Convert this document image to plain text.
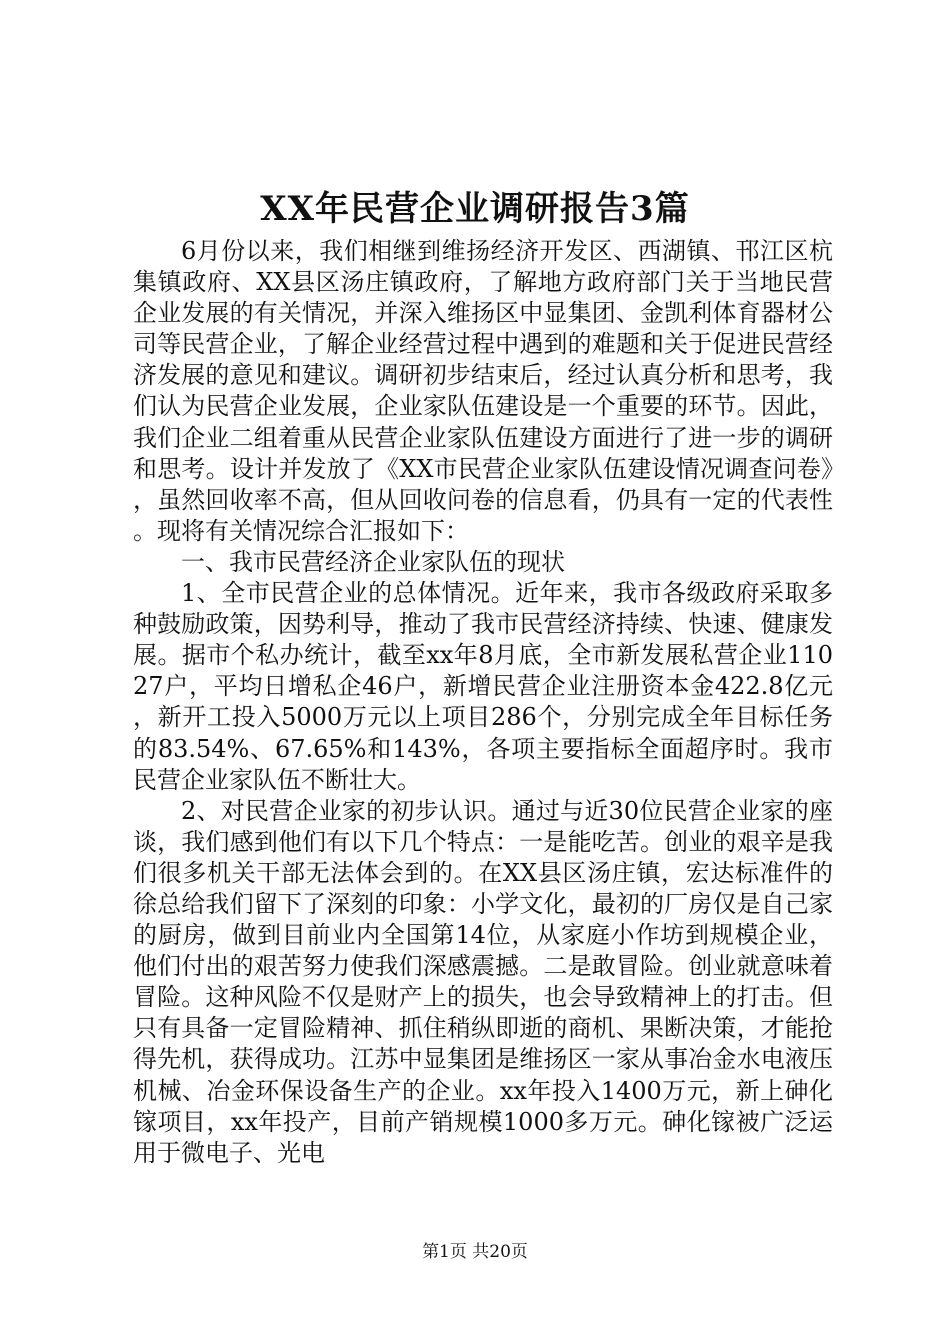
XX年民营企业调研报告3篇

6月份以来，我们相继到维扬经济开发区、西湖镇、邗江区杭集镇政府、XX县区汤庄镇政府，了解地方政府部门关于当地民营企业发展的有关情况，并深入维扬区中显集团、金凯利体育器材公司等民营企业，了解企业经营过程中遇到的难题和关于促进民营经济发展的意见和建议。调研初步结束后，经过认真分析和思考，我们认为民营企业发展，企业家队伍建设是一个重要的环节。因此，我们企业二组着重从民营企业家队伍建设方面进行了进一步的调研和思考。设计并发放了《XX市民营企业家队伍建设情况调查问卷》，虽然回收率不高，但从回收问卷的信息看，仍具有一定的代表性。现将有关情况综合汇报如下：

一、我市民营经济企业家队伍的现状

1、全市民营企业的总体情况。近年来，我市各级政府采取多种鼓励政策，因势利导，推动了我市民营经济持续、快速、健康发展。据市个私办统计，截至xx年8月底，全市新发展私营企业11027户，平均日增私企46户，新增民营企业注册资本金422.8亿元，新开工投入5000万元以上项目286个，分别完成全年目标任务的83.54%、67.65%和143%，各项主要指标全面超序时。我市民营企业家队伍不断壮大。

2、对民营企业家的初步认识。通过与近30位民营企业家的座谈，我们感到他们有以下几个特点：一是能吃苦。创业的艰辛是我们很多机关干部无法体会到的。在XX县区汤庄镇，宏达标准件的徐总给我们留下了深刻的印象：小学文化，最初的厂房仅是自己家的厨房，做到目前业内全国第14位，从家庭小作坊到规模企业，他们付出的艰苦努力使我们深感震撼。二是敢冒险。创业就意味着冒险。这种风险不仅是财产上的损失，也会导致精神上的打击。但只有具备一定冒险精神、抓住稍纵即逝的商机、果断决策，才能抢得先机，获得成功。江苏中显集团是维扬区一家从事冶金水电液压机械、冶金环保设备生产的企业。xx年投入1400万元，新上砷化镓项目，xx年投产，目前产销规模1000多万元。砷化镓被广泛运用于微电子、光电

第1页 共20页
